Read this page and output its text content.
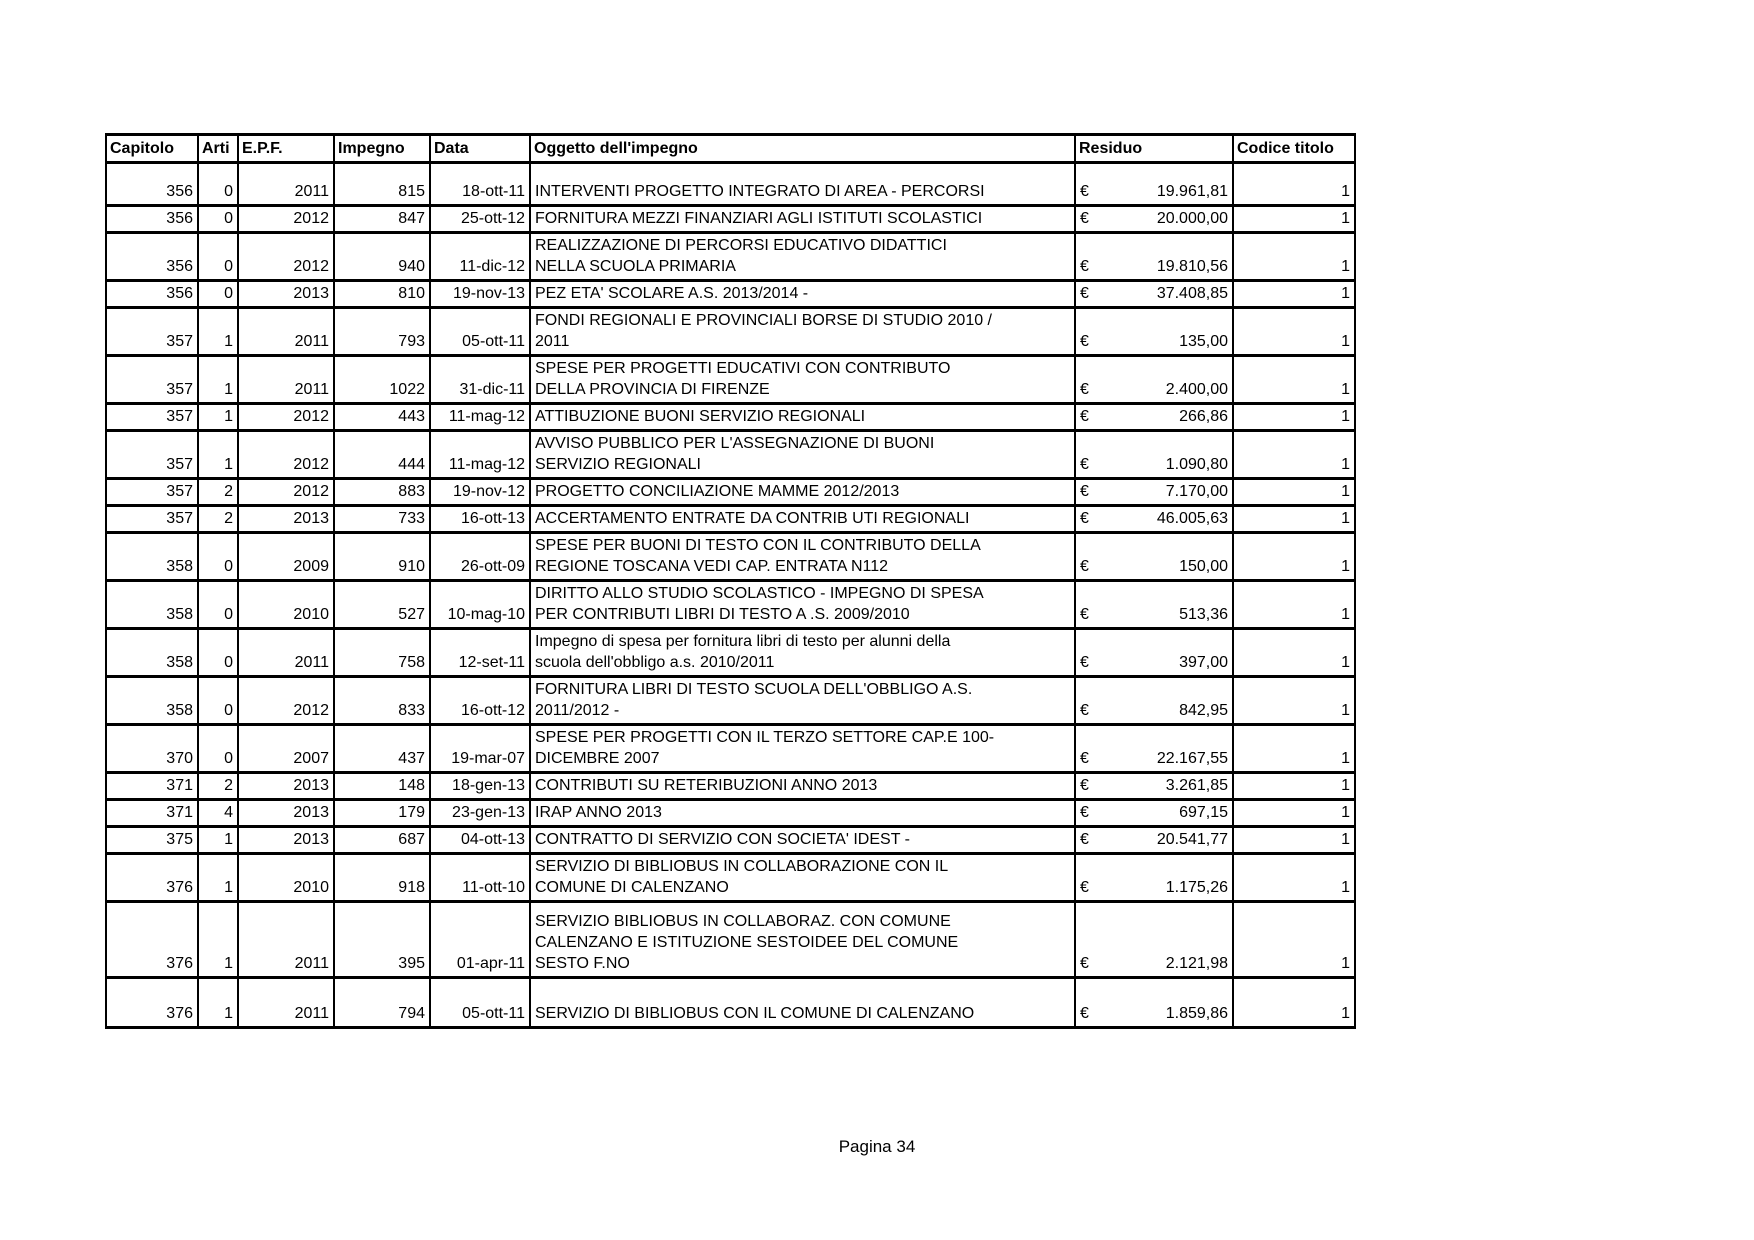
Capitolo	Arti	E.P.F.	Impegno	Data	Oggetto dell'impegno	Residuo	Codice titolo
356	0	2011	815	18-ott-11	INTERVENTI PROGETTO INTEGRATO DI AREA - PERCORSI	€ 19.961,81	1
356	0	2012	847	25-ott-12	FORNITURA MEZZI FINANZIARI AGLI ISTITUTI SCOLASTICI	€ 20.000,00	1
356	0	2012	940	11-dic-12	
REALIZZAZIONE DI PERCORSI EDUCATIVO DIDATTICI
NELLA SCUOLA PRIMARIA	€	19.810,56	1
356	0	2013	810	19-nov-13	PEZ ETA' SCOLARE A.S. 2013/2014 -	€ 37.408,85	1
357	1	2011	793	05-ott-11	
FONDI REGIONALI E PROVINCIALI BORSE DI STUDIO 2010 /
2011	€	135,00	1
357	1	2011	1022	31-dic-11	
SPESE PER PROGETTI EDUCATIVI CON CONTRIBUTO
DELLA PROVINCIA DI FIRENZE	€	2.400,00	1
357	1	2012	443	11-mag-12	ATTIBUZIONE BUONI SERVIZIO REGIONALI	€ 266,86	1
357	1	2012	444	11-mag-12	
AVVISO PUBBLICO PER L'ASSEGNAZIONE DI BUONI
SERVIZIO REGIONALI	€	1.090,80	1
357	2	2012	883	19-nov-12	PROGETTO CONCILIAZIONE MAMME 2012/2013	€ 7.170,00	1
357	2	2013	733	16-ott-13	ACCERTAMENTO ENTRATE DA CONTRIB UTI REGIONALI	€ 46.005,63	1
358	0	2009	910	26-ott-09	
SPESE PER BUONI DI TESTO CON IL CONTRIBUTO DELLA
REGIONE TOSCANA VEDI CAP. ENTRATA N112	€	150,00	1
358	0	2010	527	10-mag-10	
DIRITTO ALLO STUDIO SCOLASTICO - IMPEGNO DI SPESA
PER CONTRIBUTI LIBRI DI TESTO A .S. 2009/2010	€	513,36	1
358	0	2011	758	12-set-11	
Impegno di spesa per fornitura libri di testo per alunni della
scuola dell'obbligo a.s. 2010/2011	€	397,00	1
358	0	2012	833	16-ott-12	
FORNITURA LIBRI DI TESTO SCUOLA DELL'OBBLIGO A.S.
2011/2012 -	€	842,95	1
370	0	2007	437	19-mar-07	
SPESE PER PROGETTI CON IL TERZO SETTORE CAP.E 100-
DICEMBRE 2007	€	22.167,55	1
371	2	2013	148	18-gen-13	CONTRIBUTI SU RETERIBUZIONI ANNO 2013	€ 3.261,85	1
371	4	2013	179	23-gen-13	IRAP ANNO 2013	€ 697,15	1
375	1	2013	687	04-ott-13	CONTRATTO DI SERVIZIO CON SOCIETA' IDEST -	€ 20.541,77	1
376	1	2010	918	11-ott-10	
SERVIZIO DI BIBLIOBUS IN COLLABORAZIONE CON IL
COMUNE DI CALENZANO	€	1.175,26	1
376	1	2011	395	01-apr-11	
SERVIZIO BIBLIOBUS IN COLLABORAZ. CON COMUNE
CALENZANO E ISTITUZIONE SESTOIDEE DEL COMUNE
SESTO F.NO	€	2.121,98	1
376	1	2011	794	05-ott-11	SERVIZIO DI BIBLIOBUS CON IL COMUNE DI CALENZANO	€ 1.859,86	1
Pagina 34
